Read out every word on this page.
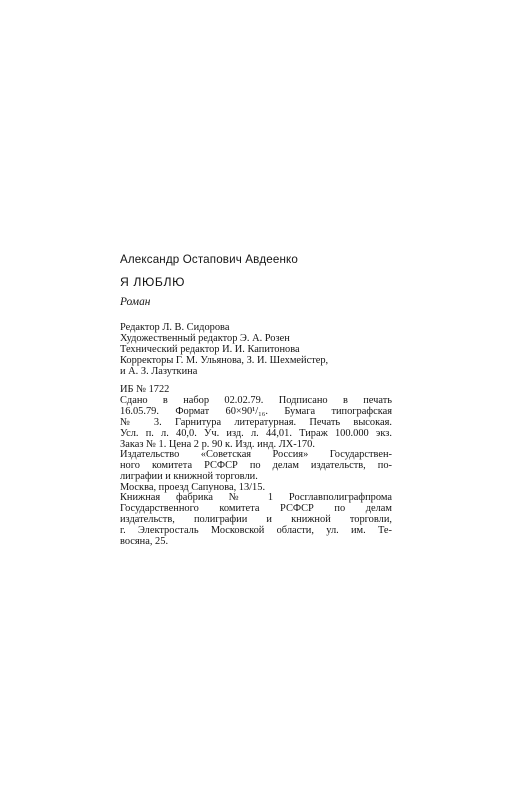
Александр Остапович Авдеенко
Я ЛЮБЛЮ
Роман
Редактор Л. В. Сидорова
Художественный редактор Э. А. Розен
Технический редактор И. И. Капитонова
Корректоры Г. М. Ульянова, З. И. Шехмейстер,
и А. З. Лазуткина
ИБ № 1722
Сдано в набор 02.02.79. Подписано в печать
16.05.79. Формат 60×90¹/₁₆. Бумага типографская
№ 3. Гарнитура литературная. Печать высокая.
Усл. п. л. 40,0. Уч. изд. л. 44,01. Тираж 100.000 экз.
Заказ № 1. Цена 2 р. 90 к. Изд. инд. ЛХ-170.
Издательство «Советская Россия» Государствен-
ного комитета РСФСР по делам издательств, по-
лиграфии и книжной торговли.
Москва, проезд Сапунова, 13/15.
Книжная фабрика № 1 Росглавполиграфпрома
Государственного комитета РСФСР по делам
издательств, полиграфии и книжной торговли,
г. Электросталь Московской области, ул. им. Те-
восяна, 25.
